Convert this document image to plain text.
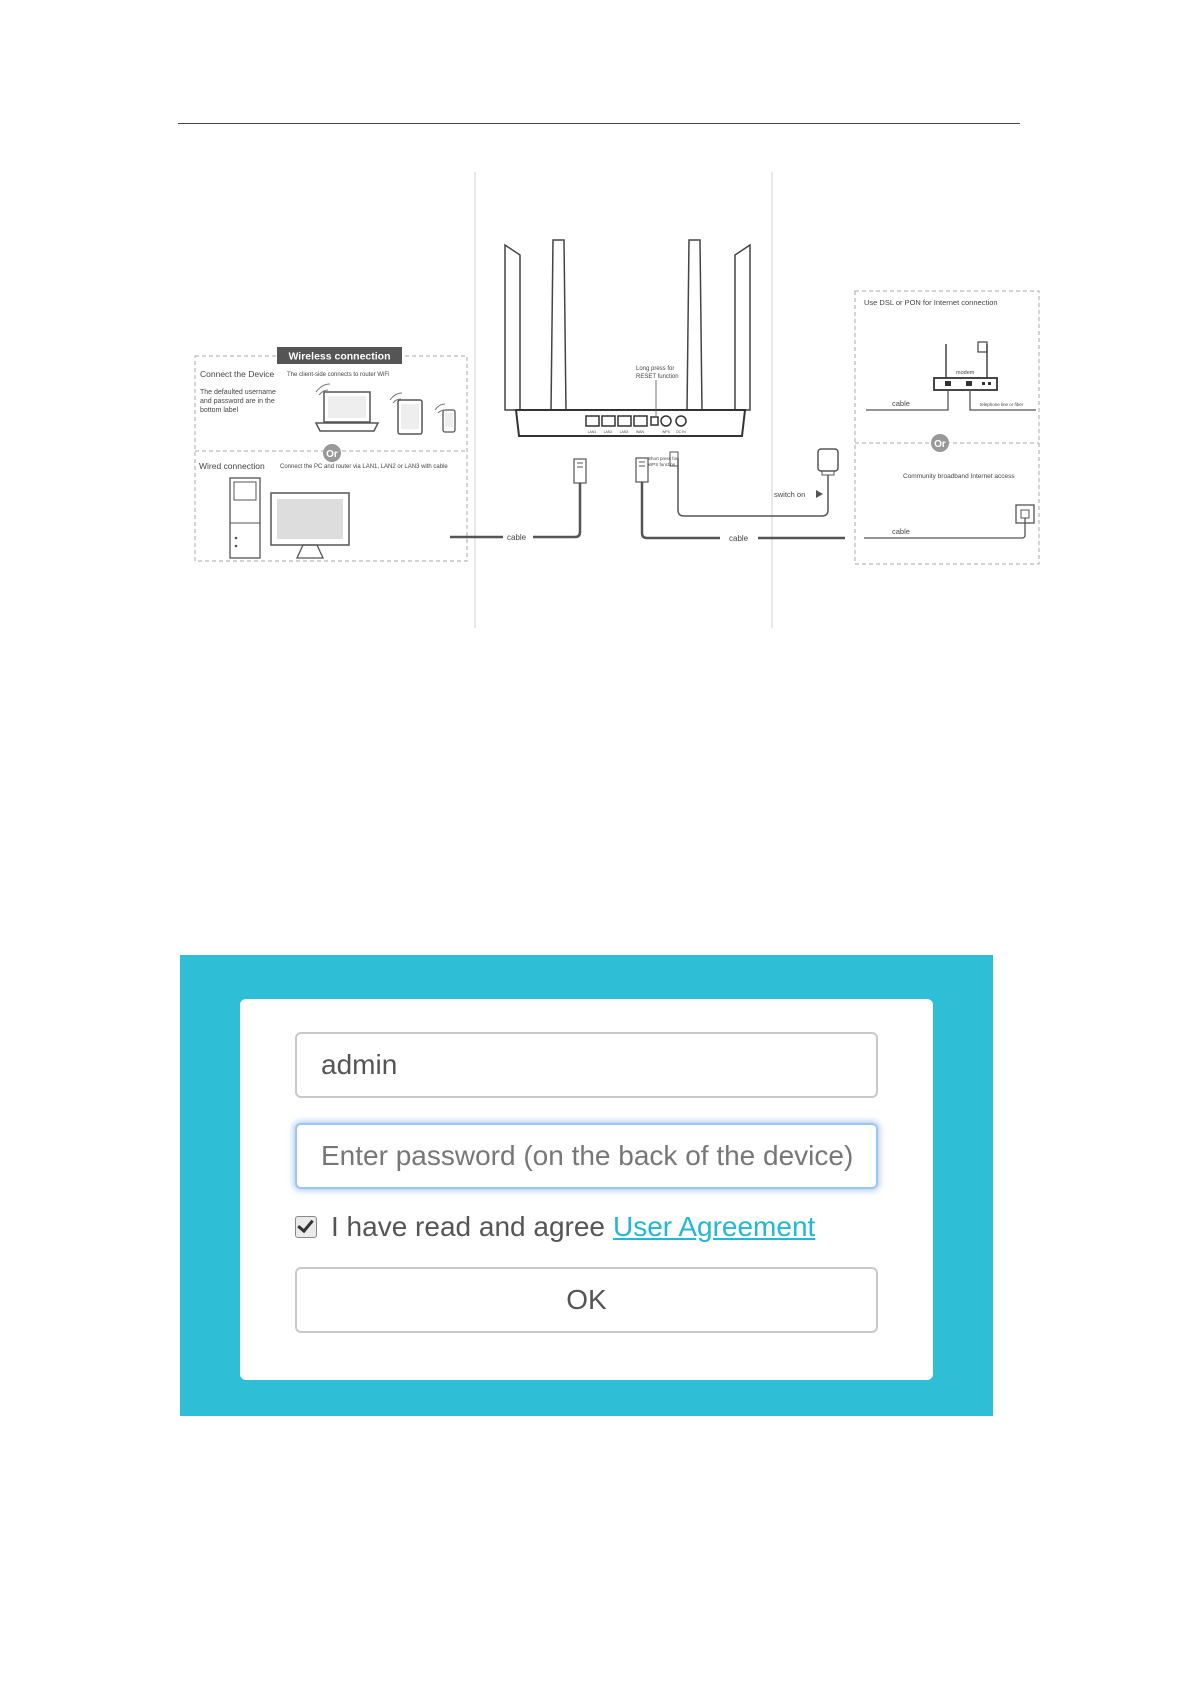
Wireless connection
Connect the Device The client-side connects to router WiFi
The defaulted username
and password are in the
bottom label
Or
Wired connection	Connect the PC and router via LAN1, LAN2 or LAN3 with cable
cable
LAN1 LAN2 LAN3 WAN	WPS DC IN
Long press for
RESET function
Short press for
WPS function
cable
switch on
Use DSL or PON for Internet connection
modem
cable	telephone line or fiber
Or
Community broadband Internet access
cable
admin
I have read and agree User Agreement
OK
